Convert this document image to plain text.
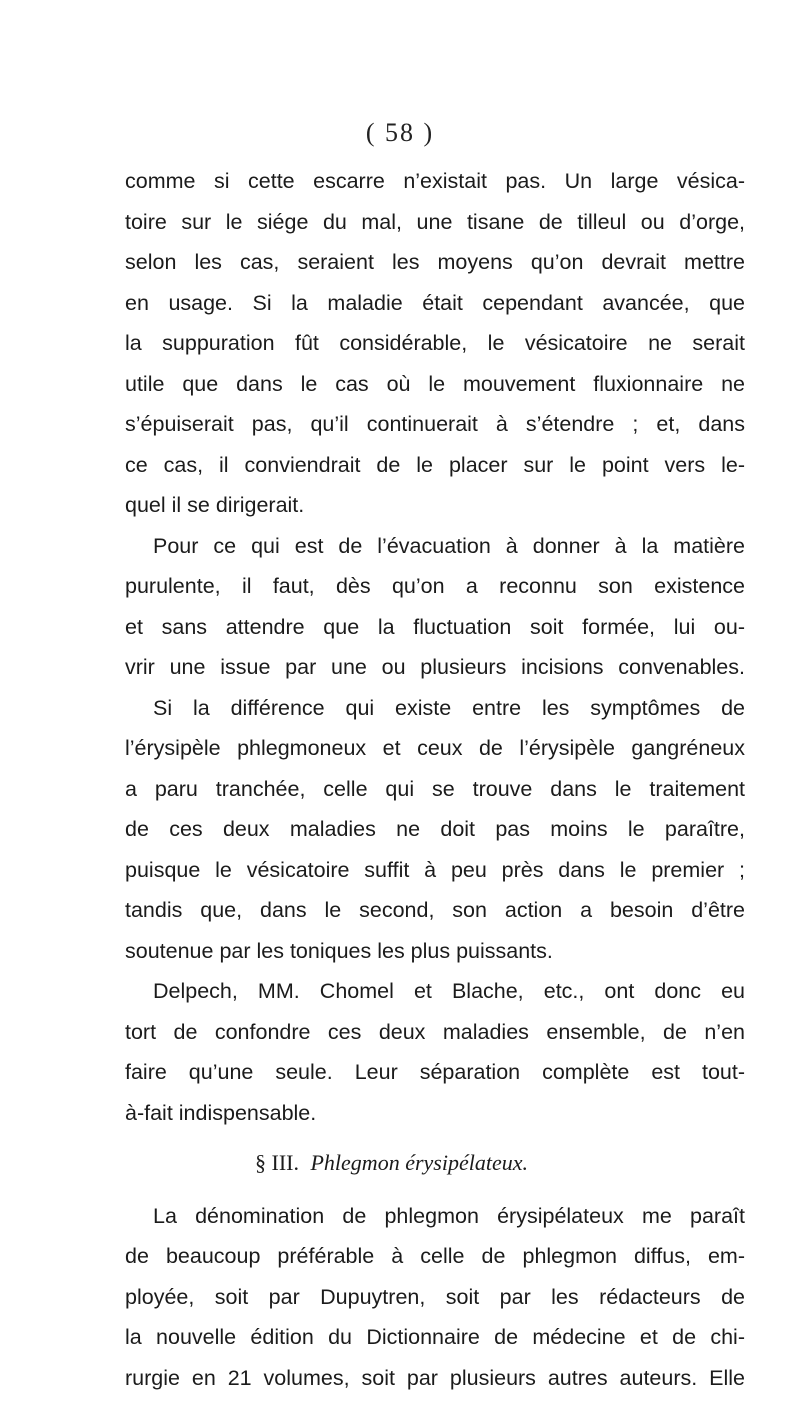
( 58 )
comme si cette escarre n’existait pas. Un large vésica-
toire sur le siége du mal, une tisane de tilleul ou d’orge,
selon les cas, seraient les moyens qu’on devrait mettre
en usage. Si la maladie était cependant avancée, que
la suppuration fût considérable, le vésicatoire ne serait
utile que dans le cas où le mouvement fluxionnaire ne
s’épuiserait pas, qu’il continuerait à s’étendre ; et, dans
ce cas, il conviendrait de le placer sur le point vers le-
quel il se dirigerait.
Pour ce qui est de l’évacuation à donner à la matière
purulente, il faut, dès qu’on a reconnu son existence
et sans attendre que la fluctuation soit formée, lui ou-
vrir une issue par une ou plusieurs incisions convenables.
Si la différence qui existe entre les symptômes de
l’érysipèle phlegmoneux et ceux de l’érysipèle gangréneux
a paru tranchée, celle qui se trouve dans le traitement
de ces deux maladies ne doit pas moins le paraître,
puisque le vésicatoire suffit à peu près dans le premier ;
tandis que, dans le second, son action a besoin d’être
soutenue par les toniques les plus puissants.
Delpech, MM. Chomel et Blache, etc., ont donc eu
tort de confondre ces deux maladies ensemble, de n’en
faire qu’une seule. Leur séparation complète est tout-
à-fait indispensable.
§ III. Phlegmon érysipélateux.
La dénomination de phlegmon érysipélateux me paraît
de beaucoup préférable à celle de phlegmon diffus, em-
ployée, soit par Dupuytren, soit par les rédacteurs de
la nouvelle édition du Dictionnaire de médecine et de chi-
rurgie en 21 volumes, soit par plusieurs autres auteurs. Elle
